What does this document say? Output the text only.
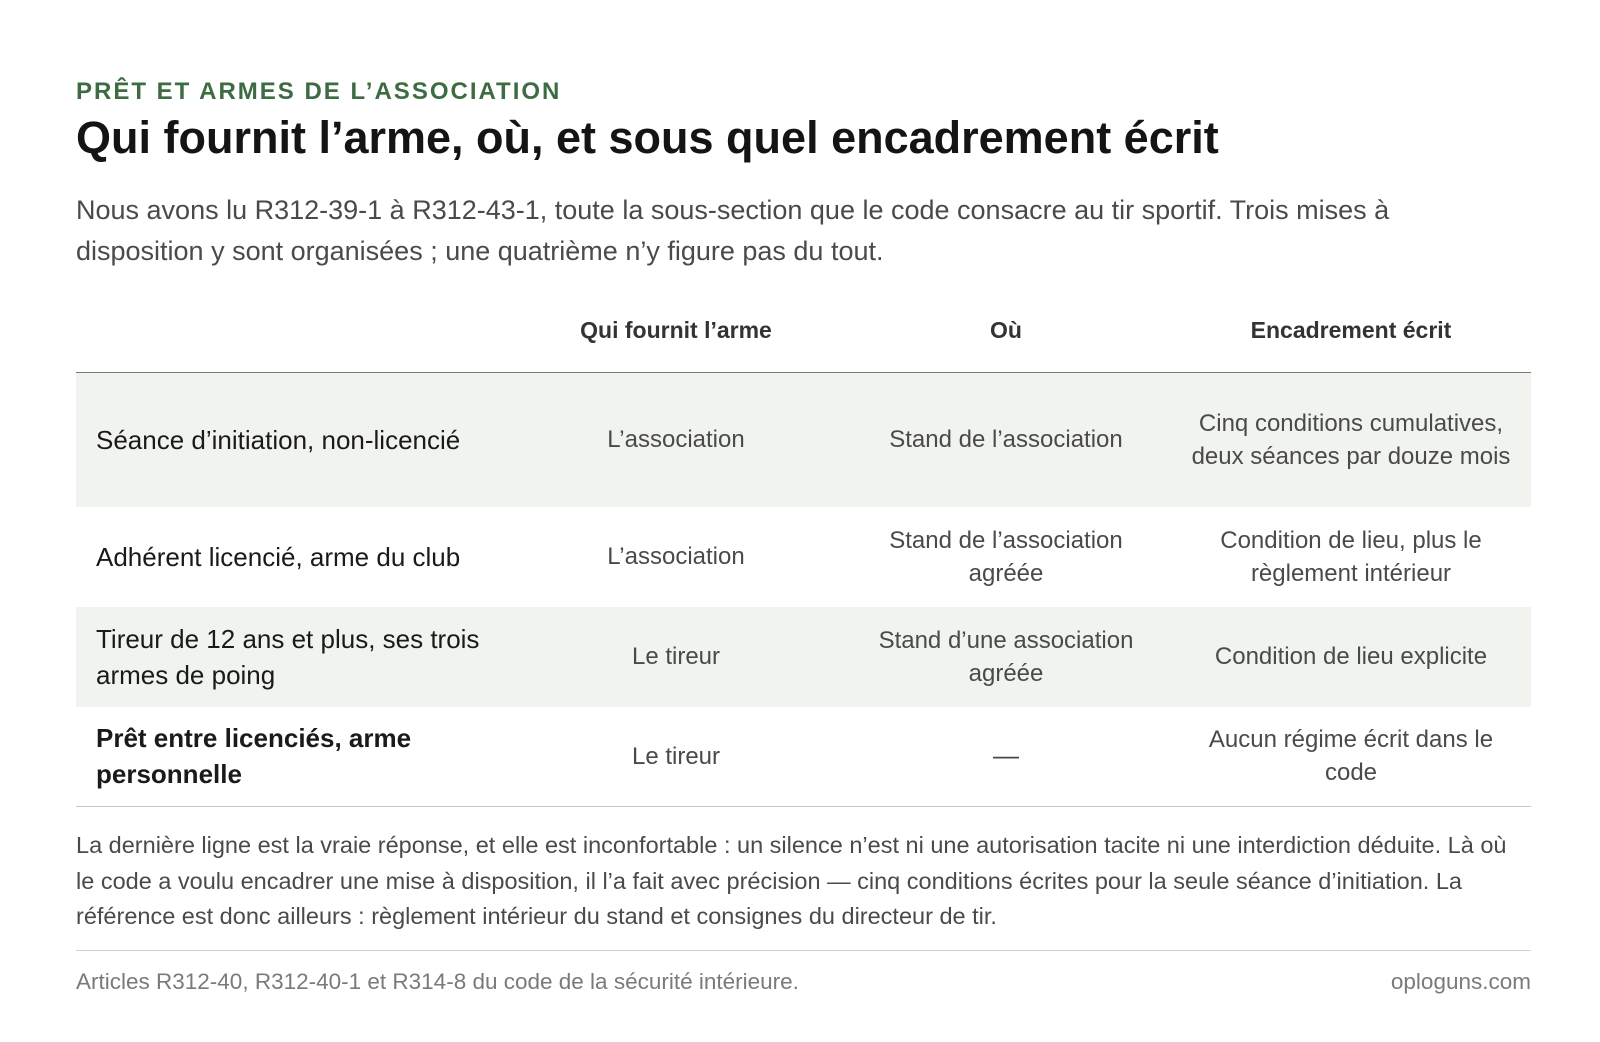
PRÊT ET ARMES DE L’ASSOCIATION
Qui fournit l’arme, où, et sous quel encadrement écrit

Nous avons lu R312-39-1 à R312-43-1, toute la sous-section que le code consacre au tir sportif. Trois mises à disposition y sont organisées ; une quatrième n’y figure pas du tout.

	Qui fournit l’arme	Où	Encadrement écrit
Séance d’initiation, non-licencié	L’association	Stand de l’association	Cinq conditions cumulatives, deux séances par douze mois
Adhérent licencié, arme du club	L’association	Stand de l’association agréée	Condition de lieu, plus le règlement intérieur
Tireur de 12 ans et plus, ses trois armes de poing	Le tireur	Stand d’une association agréée	Condition de lieu explicite
Prêt entre licenciés, arme personnelle	Le tireur	—	Aucun régime écrit dans le code

La dernière ligne est la vraie réponse, et elle est inconfortable : un silence n’est ni une autorisation tacite ni une interdiction déduite. Là où le code a voulu encadrer une mise à disposition, il l’a fait avec précision — cinq conditions écrites pour la seule séance d’initiation. La référence est donc ailleurs : règlement intérieur du stand et consignes du directeur de tir.

Articles R312-40, R312-40-1 et R314-8 du code de la sécurité intérieure.	oploguns.com
